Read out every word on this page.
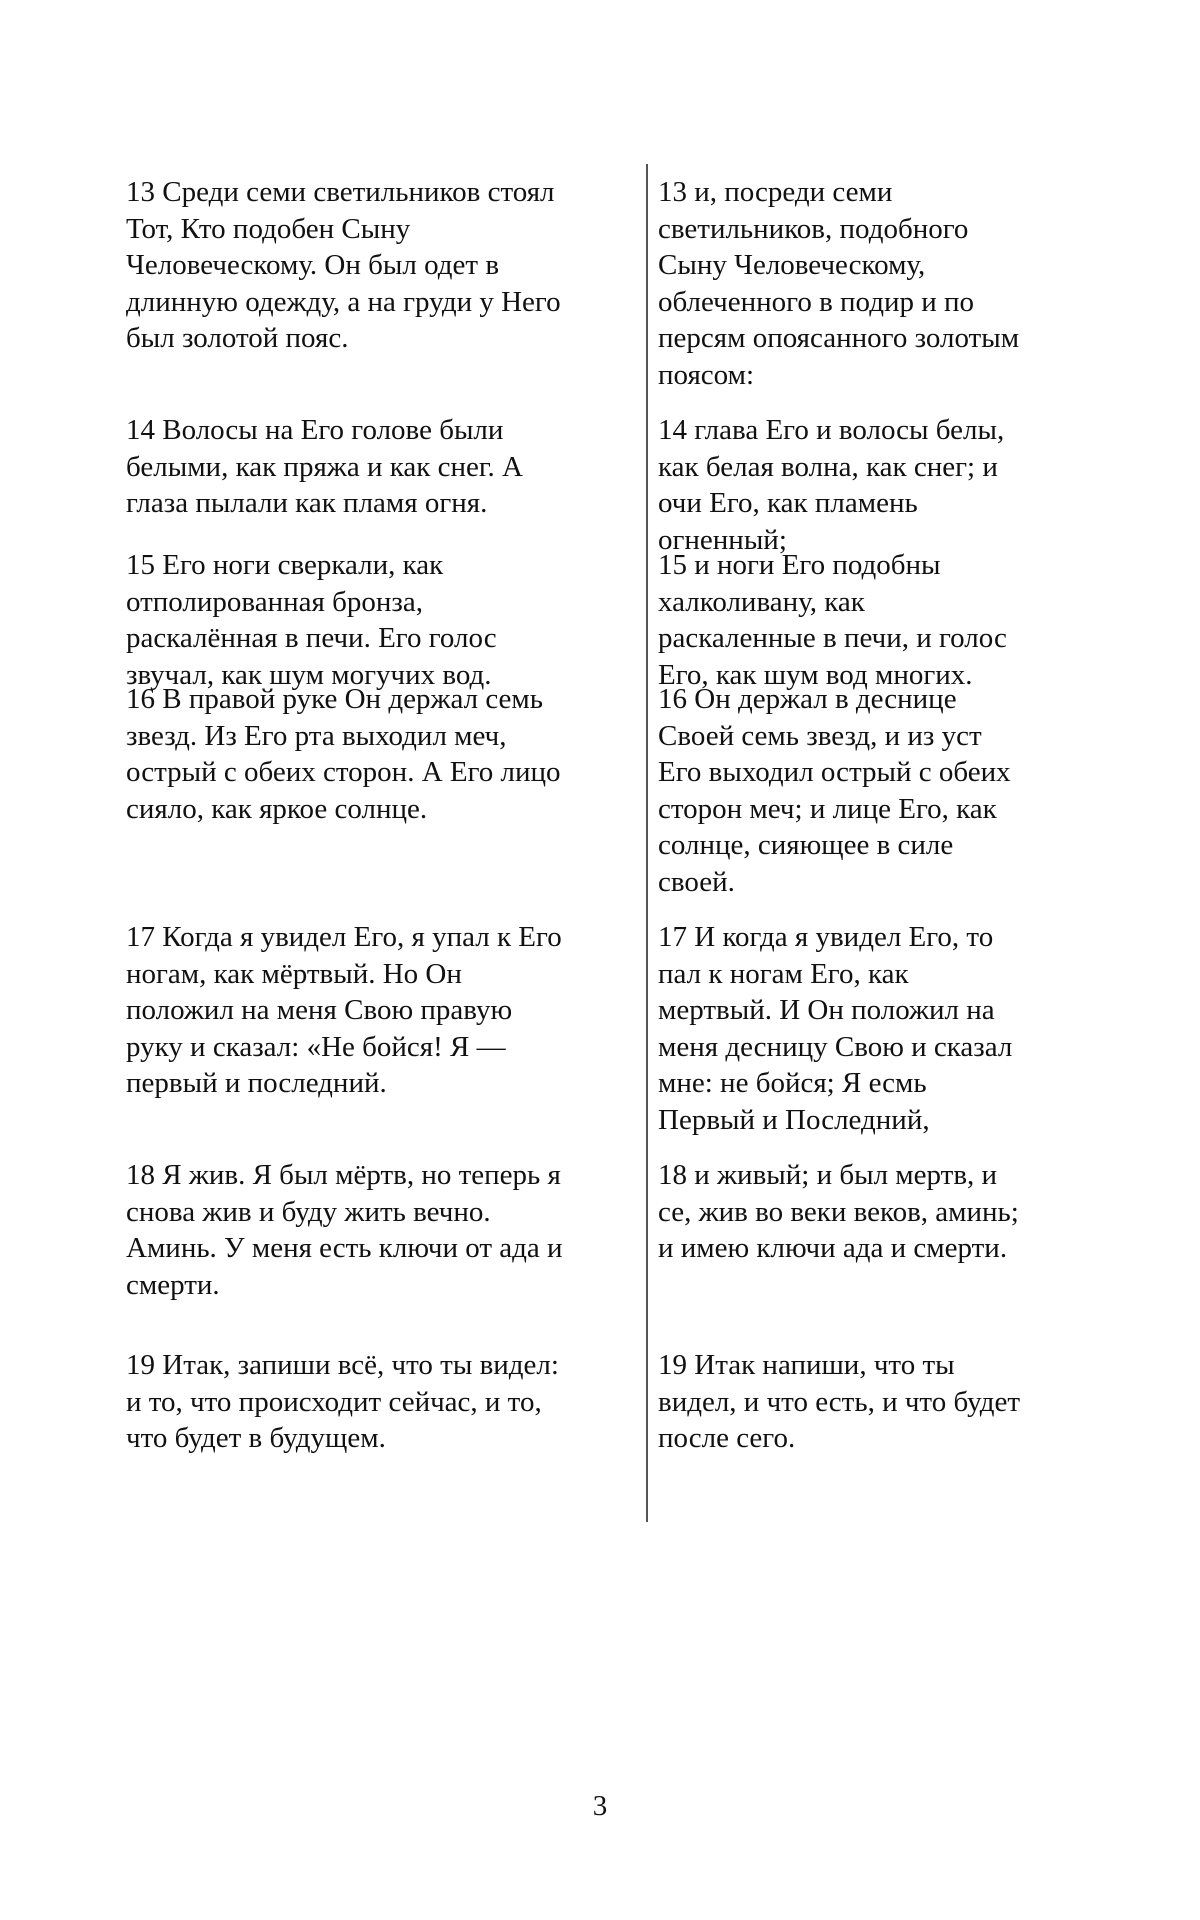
13 Среди семи светильников стоял
Тот, Кто подобен Сыну
Человеческому. Он был одет в
длинную одежду, а на груди у Него
был золотой пояс.
13 и, посреди семи
светильников, подобного
Сыну Человеческому,
облеченного в подир и по
персям опоясанного золотым
поясом:
14 Волосы на Его голове были
белыми, как пряжа и как снег. А
глаза пылали как пламя огня.
14 глава Его и волосы белы,
как белая волна, как снег; и
очи Его, как пламень
огненный;
15 Его ноги сверкали, как
отполированная бронза,
раскалённая в печи. Его голос
звучал, как шум могучих вод.
15 и ноги Его подобны
халколивану, как
раскаленные в печи, и голос
Его, как шум вод многих.
16 В правой руке Он держал семь
звезд. Из Его рта выходил меч,
острый с обеих сторон. А Его лицо
сияло, как яркое солнце.
16 Он держал в деснице
Своей семь звезд, и из уст
Его выходил острый с обеих
сторон меч; и лице Его, как
солнце, сияющее в силе
своей.
17 Когда я увидел Его, я упал к Его
ногам, как мёртвый. Но Он
положил на меня Свою правую
руку и сказал: «Не бойся! Я —
первый и последний.
17 И когда я увидел Его, то
пал к ногам Его, как
мертвый. И Он положил на
меня десницу Свою и сказал
мне: не бойся; Я есмь
Первый и Последний,
18 Я жив. Я был мёртв, но теперь я
снова жив и буду жить вечно.
Аминь. У меня есть ключи от ада и
смерти.
18 и живый; и был мертв, и
се, жив во веки веков, аминь;
и имею ключи ада и смерти.
19 Итак, запиши всё, что ты видел:
и то, что происходит сейчас, и то,
что будет в будущем.
19 Итак напиши, что ты
видел, и что есть, и что будет
после сего.
3
